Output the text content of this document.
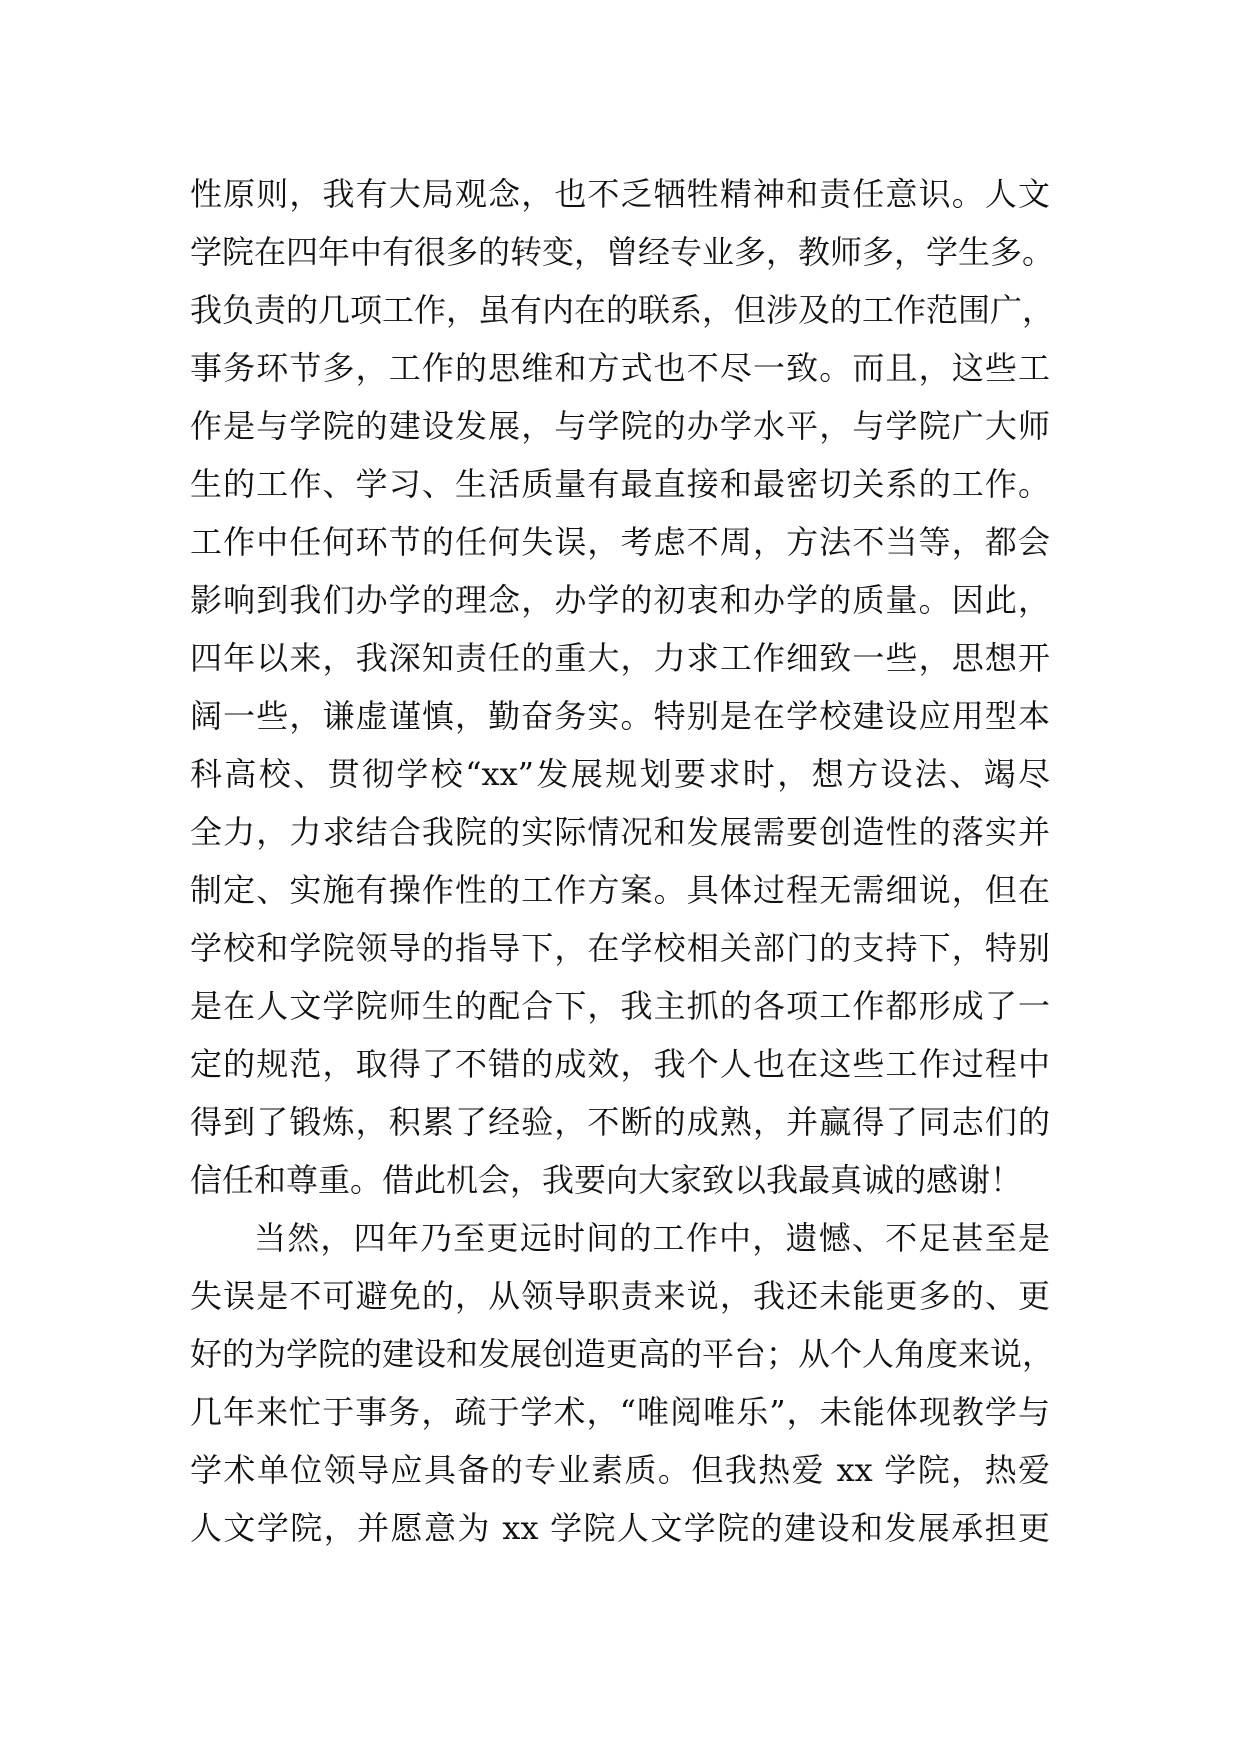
性原则，我有大局观念，也不乏牺牲精神和责任意识。人文
学院在四年中有很多的转变，曾经专业多，教师多，学生多。
我负责的几项工作，虽有内在的联系，但涉及的工作范围广，
事务环节多，工作的思维和方式也不尽一致。而且，这些工
作是与学院的建设发展，与学院的办学水平，与学院广大师
生的工作、学习、生活质量有最直接和最密切关系的工作。
工作中任何环节的任何失误，考虑不周，方法不当等，都会
影响到我们办学的理念，办学的初衷和办学的质量。因此，
四年以来，我深知责任的重大，力求工作细致一些，思想开
阔一些，谦虚谨慎，勤奋务实。特别是在学校建设应用型本
科高校、贯彻学校“xx”发展规划要求时，想方设法、竭尽
全力，力求结合我院的实际情况和发展需要创造性的落实并
制定、实施有操作性的工作方案。具体过程无需细说，但在
学校和学院领导的指导下，在学校相关部门的支持下，特别
是在人文学院师生的配合下，我主抓的各项工作都形成了一
定的规范，取得了不错的成效，我个人也在这些工作过程中
得到了锻炼，积累了经验，不断的成熟，并赢得了同志们的
信任和尊重。借此机会，我要向大家致以我最真诚的感谢！
当然，四年乃至更远时间的工作中，遗憾、不足甚至是
失误是不可避免的，从领导职责来说，我还未能更多的、更
好的为学院的建设和发展创造更高的平台；从个人角度来说，
几年来忙于事务，疏于学术，“唯阅唯乐”，未能体现教学与
学术单位领导应具备的专业素质。但我热爱 xx 学院，热爱
人文学院，并愿意为 xx 学院人文学院的建设和发展承担更
